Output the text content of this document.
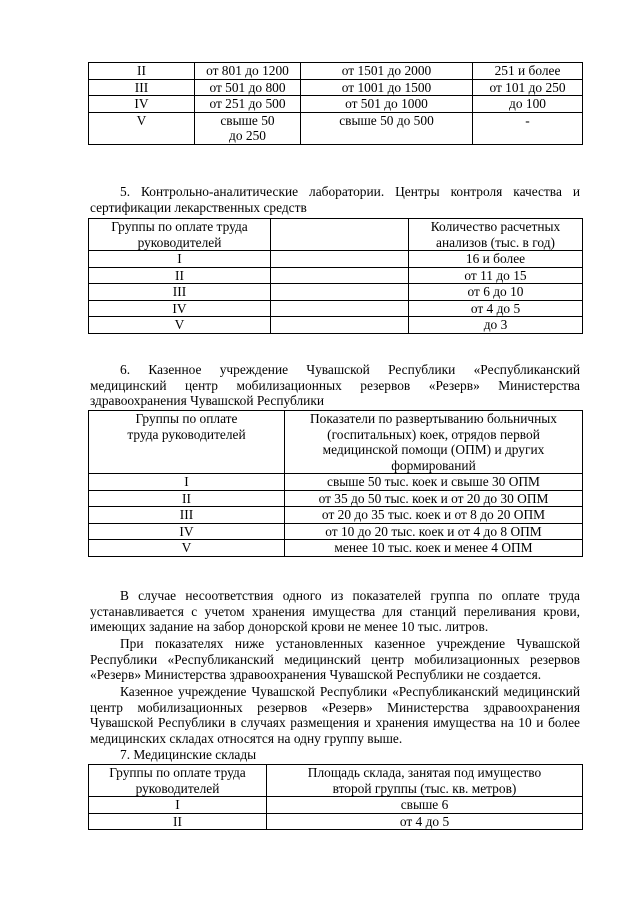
II	от 801 до 1200	от 1501 до 2000	251 и более
III	от 501 до 800	от 1001 до 1500	от 101 до 250
IV	от 251 до 500	от 501 до 1000	до 100
V	свыше 50 до 250	свыше 50 до 500	-
5. Контрольно-аналитические лаборатории. Центры контроля качества и сертификации лекарственных средств
Группы по оплате труда руководителей		Количество расчетных анализов (тыс. в год)
I		16 и более
II		от 11 до 15
III		от 6 до 10
IV		от 4 до 5
V		до 3
6. Казенное учреждение Чувашской Республики «Республиканский медицинский центр мобилизационных резервов «Резерв» Министерства здравоохранения Чувашской Республики
Группы по оплате труда руководителей	Показатели по развертыванию больничных (госпитальных) коек, отрядов первой медицинской помощи (ОПМ) и других формирований
I	свыше 50 тыс. коек и свыше 30 ОПМ
II	от 35 до 50 тыс. коек и от 20 до 30 ОПМ
III	от 20 до 35 тыс. коек и от 8 до 20 ОПМ
IV	от 10 до 20 тыс. коек и от 4 до 8 ОПМ
V	менее 10 тыс. коек и менее 4 ОПМ
В случае несоответствия одного из показателей группа по оплате труда устанавливается с учетом хранения имущества для станций переливания крови, имеющих задание на забор донорской крови не менее 10 тыс. литров.
При показателях ниже установленных казенное учреждение Чувашской Республики «Республиканский медицинский центр мобилизационных резервов «Резерв» Министерства здравоохранения Чувашской Республики не создается.
Казенное учреждение Чувашской Республики «Республиканский медицинский центр мобилизационных резервов «Резерв» Министерства здравоохранения Чувашской Республики в случаях размещения и хранения имущества на 10 и более медицинских складах относятся на одну группу выше.
7. Медицинские склады
Группы по оплате труда руководителей	Площадь склада, занятая под имущество второй группы (тыс. кв. метров)
I	свыше 6
II	от 4 до 5
